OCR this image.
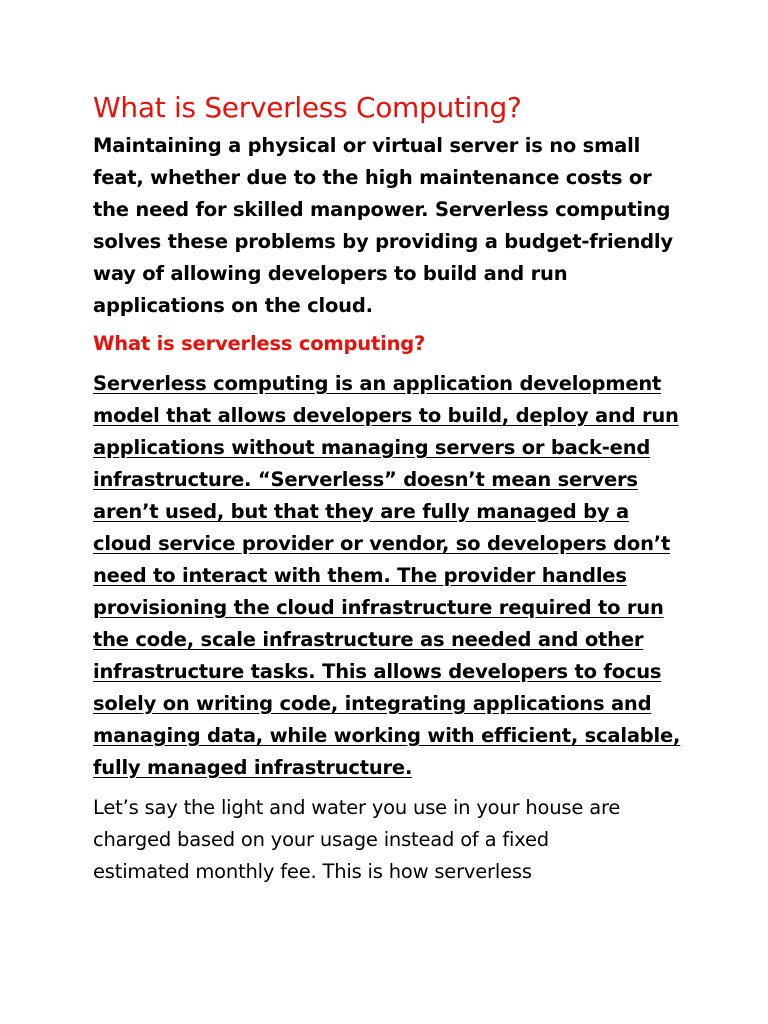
What is Serverless Computing?

Maintaining a physical or virtual server is no small
feat, whether due to the high maintenance costs or
the need for skilled manpower. Serverless computing
solves these problems by providing a budget-friendly
way of allowing developers to build and run
applications on the cloud.

What is serverless computing?

Serverless computing is an application development
model that allows developers to build, deploy and run
applications without managing servers or back-end
infrastructure. “Serverless” doesn’t mean servers
aren’t used, but that they are fully managed by a
cloud service provider or vendor, so developers don’t
need to interact with them. The provider handles
provisioning the cloud infrastructure required to run
the code, scale infrastructure as needed and other
infrastructure tasks. This allows developers to focus
solely on writing code, integrating applications and
managing data, while working with efficient, scalable,
fully managed infrastructure.

Let’s say the light and water you use in your house are
charged based on your usage instead of a fixed
estimated monthly fee. This is how serverless
